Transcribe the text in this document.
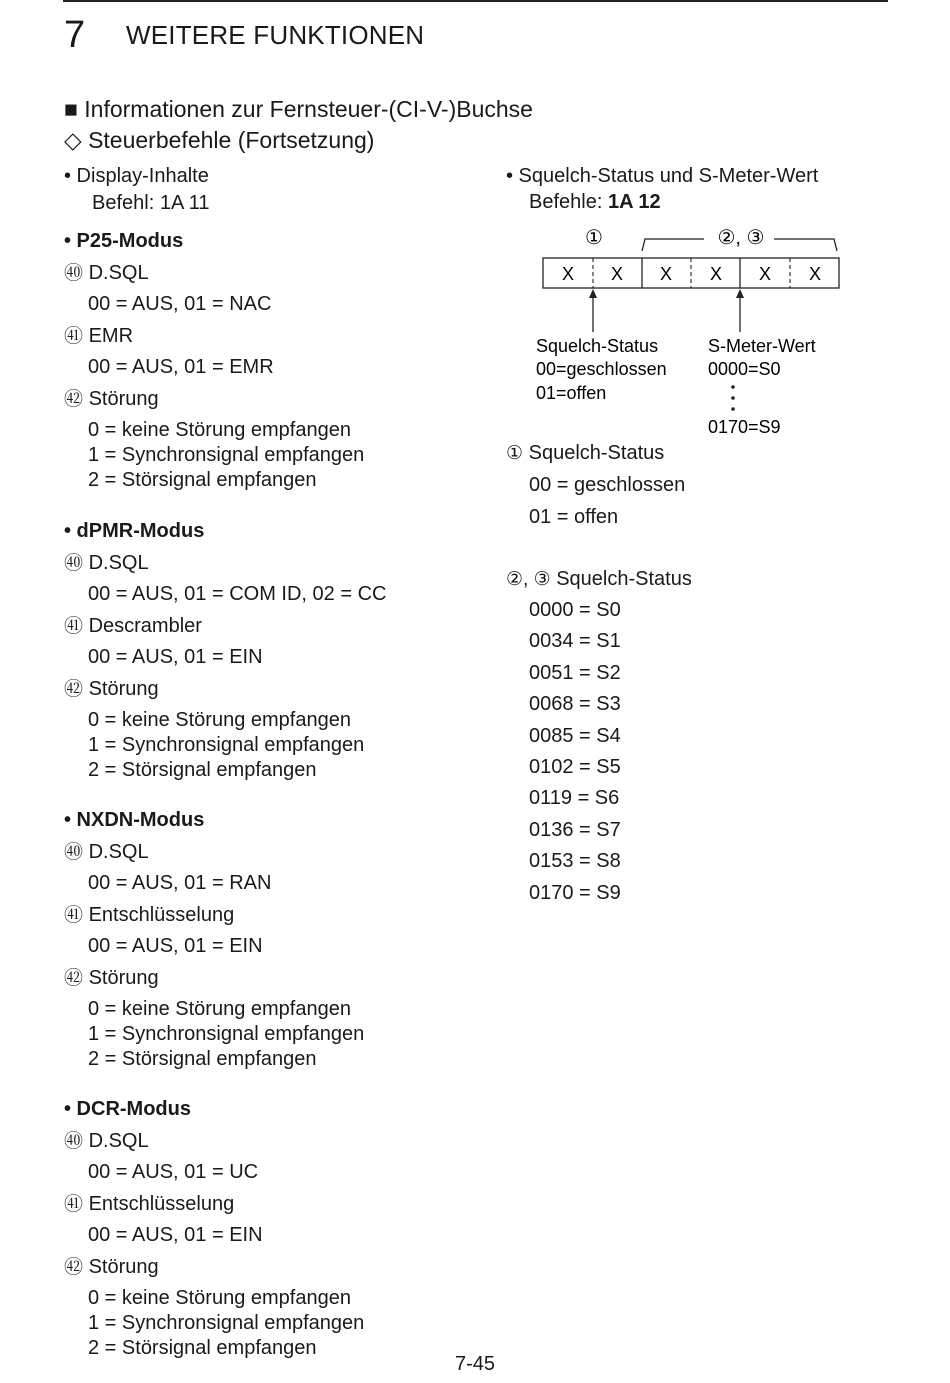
7 WEITERE FUNKTIONEN
■ Informationen zur Fernsteuer-(CI-V-)Buchse
◇ Steuerbefehle (Fortsetzung)
• Display-Inhalte
Befehl: 1A 11
• P25-Modus
㊵ D.SQL
00 = AUS, 01 = NAC
㊶ EMR
00 = AUS, 01 = EMR
㊷ Störung
0 = keine Störung empfangen
1 = Synchronsignal empfangen
2 = Störsignal empfangen
• dPMR-Modus
㊵ D.SQL
00 = AUS, 01 = COM ID, 02 = CC
㊶ Descrambler
00 = AUS, 01 = EIN
㊷ Störung
0 = keine Störung empfangen
1 = Synchronsignal empfangen
2 = Störsignal empfangen
• NXDN-Modus
㊵ D.SQL
00 = AUS, 01 = RAN
㊶ Entschlüsselung
00 = AUS, 01 = EIN
㊷ Störung
0 = keine Störung empfangen
1 = Synchronsignal empfangen
2 = Störsignal empfangen
• DCR-Modus
㊵ D.SQL
00 = AUS, 01 = UC
㊶ Entschlüsselung
00 = AUS, 01 = EIN
㊷ Störung
0 = keine Störung empfangen
1 = Synchronsignal empfangen
2 = Störsignal empfangen
• Squelch-Status und S-Meter-Wert
Befehle: 1A 12
①	②, ③
X X X X X X
Squelch-Status
00=geschlossen
01=offen
S-Meter-Wert
0000=S0
0170=S9
① Squelch-Status
00 = geschlossen
01 = offen
②, ③ Squelch-Status
0000 = S0
0034 = S1
0051 = S2
0068 = S3
0085 = S4
0102 = S5
0119 = S6
0136 = S7
0153 = S8
0170 = S9
7-45
